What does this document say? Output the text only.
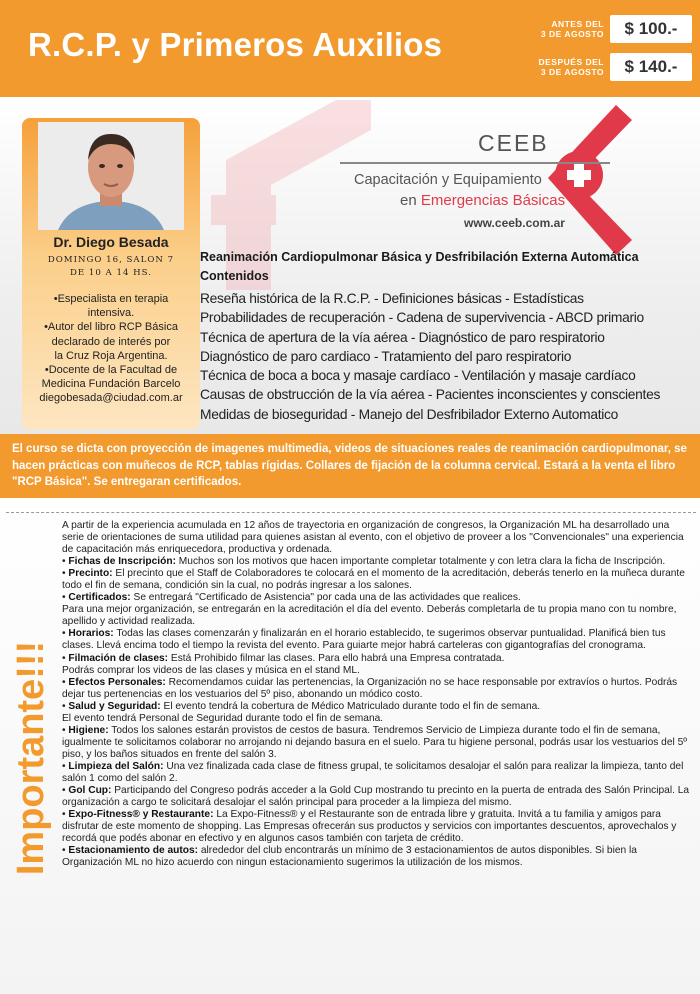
R.C.P. y Primeros Auxilios
ANTES DEL
3 DE AGOSTO	$ 100.-
DESPUÉS DEL
3 DE AGOSTO	$ 140.-
CEEB
Capacitación y Equipamiento
en Emergencias Básicas
www.ceeb.com.ar
Dr. Diego Besada
DOMINGO 16, SALON 7
DE 10 A 14 HS.
•Especialista en terapia
intensiva.
•Autor del libro RCP Básica
declarado de interés por
la Cruz Roja Argentina.
•Docente de la Facultad de
Medicina Fundación Barcelo
diegobesada@ciudad.com.ar
Reanimación Cardiopulmonar Básica y Desfribilación Externa Automática
Contenidos
Reseña histórica de la R.C.P. - Definiciones básicas - Estadísticas
Probabilidades de recuperación - Cadena de supervivencia - ABCD primario
Técnica de apertura de la vía aérea - Diagnóstico de paro respiratorio
Diagnóstico de paro cardiaco - Tratamiento del paro respiratorio
Técnica de boca a boca y masaje cardíaco - Ventilación y masaje cardíaco
Causas de obstrucción de la vía aérea - Pacientes inconscientes y conscientes
Medidas de bioseguridad - Manejo del Desfribilador Externo Automatico
El curso se dicta con proyección de imagenes multimedia, videos de situaciones reales de reanimación cardiopulmonar, se hacen prácticas con muñecos de RCP, tablas rígidas. Collares de fijación de la columna cervical. Estará a la venta el libro "RCP Básica". Se entregaran certificados.
Importante!!!

A partir de la experiencia acumulada en 12 años de trayectoria en organización de congresos, la Organización ML ha desarrollado una serie de orientaciones de suma utilidad para quienes asistan al evento, con el objetivo de proveer a los "Convencionales" una experiencia de capacitación más enriquecedora, productiva y ordenada.

• Fichas de Inscripción: Muchos son los motivos que hacen importante completar totalmente y con letra clara la ficha de Inscripción.

• Precinto: El precinto que el Staff de Colaboradores te colocará en el momento de la acreditación, deberás tenerlo en la muñeca durante todo el fin de semana, condición sin la cual, no podrás ingresar a los salones.

• Certificados: Se entregará "Certificado de Asistencia" por cada una de las actividades que realices.

Para una mejor organización, se entregarán en la acreditación el día del evento. Deberás completarla de tu propia mano con tu nombre, apellido y actividad realizada.

• Horarios: Todas las clases comenzarán y finalizarán en el horario establecido, te sugerimos observar puntualidad. Planificá bien tus clases. Llevá encima todo el tiempo la revista del evento. Para guiarte mejor habrá carteleras con gigantografías del cronograma.

• Filmación de clases: Está Prohibido filmar las clases. Para ello habrá una Empresa contratada.

Podrás comprar los videos de las clases y música en el stand ML.

• Efectos Personales: Recomendamos cuidar las pertenencias, la Organización no se hace responsable por extravíos o hurtos. Podrás dejar tus pertenencias en los vestuarios del 5º piso, abonando un módico costo.

• Salud y Seguridad: El evento tendrá la cobertura de Médico Matriculado durante todo el fin de semana.

El evento tendrá Personal de Seguridad durante todo el fin de semana.

• Higiene: Todos los salones estarán provistos de cestos de basura. Tendremos Servicio de Limpieza durante todo el fin de semana, igualmente te solicitamos colaborar no arrojando ni dejando basura en el suelo. Para tu higiene personal, podrás usar los vestuarios del 5º piso, y los baños situados en frente del salón 3.

• Limpieza del Salón: Una vez finalizada cada clase de fitness grupal, te solicitamos desalojar el salón para realizar la limpieza, tanto del salón 1 como del salón 2.

• Gol Cup: Participando del Congreso podrás acceder a la Gold Cup mostrando tu precinto en la puerta de entrada des Salón Principal. La organización a cargo te solicitará desalojar el salón principal para proceder a la limpieza del mismo.

• Expo-Fitness® y Restaurante: La Expo-Fitness® y el Restaurante son de entrada libre y gratuita. Invitá a tu familia y amigos para disfrutar de este momento de shopping. Las Empresas ofrecerán sus productos y servicios con importantes descuentos, aprovechalos y recordá que podés abonar en efectivo y en algunos casos también con tarjeta de crédito.

• Estacionamiento de autos: alrededor del club encontrarás un mínimo de 3 estacionamientos de autos disponibles. Si bien la Organización ML no hizo acuerdo con ningun estacionamiento sugerimos la utilización de los mismos.
